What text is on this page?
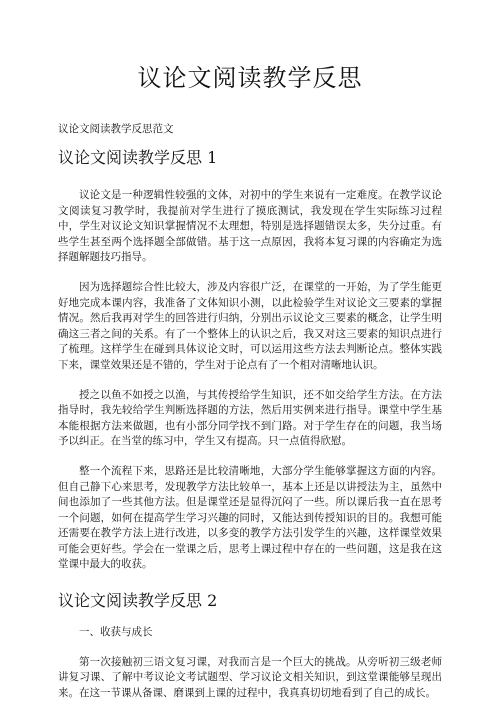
议论文阅读教学反思
议论文阅读教学反思范文
议论文阅读教学反思 1

议论文是一种逻辑性较强的文体，对初中的学生来说有一定难度。在教学议论文阅读复习教学时，我提前对学生进行了摸底测试，我发现在学生实际练习过程 中，学生对议论文知识掌握情况不太理想，特别是选择题错误太多，失分过重。有 些学生甚至两个选择题全部做错。基于这一点原因，我将本复习课的内容确定为选 择题解题技巧指导。

因为选择题综合性比较大，涉及内容很广泛，在课堂的一开始，为了学生能更好地完成本课内容，我准备了文体知识小测，以此检验学生对议论文三要素的掌握情况。然后我再对学生的回答进行归纳，分别出示议论文三要素的概念，让学生明确这三者之间的关系。有了一个整体上的认识之后，我又对这三要素的知识点进行了梳理。这样学生在碰到具体议论文时，可以运用这些方法去判断论点。整体实践下来，课堂效果还是不错的，学生对于论点有了一个相对清晰地认识。

授之以鱼不如授之以渔，与其传授给学生知识，还不如交给学生方法。在方法指导时，我先较给学生判断选择题的方法，然后用实例来进行指导。课堂中学生基本能根据方法来做题，也有小部分同学找不到门路。对于学生存在的问题，我当场予以纠正。在当堂的练习中，学生又有提高。只一点值得欣慰。

整一个流程下来，思路还是比较清晰地，大部分学生能够掌握这方面的内容。但自己静下心来思考，发现教学方法比较单一，基本上还是以讲授法为主，虽然中间也添加了一些其他方法。但是课堂还是显得沉闷了一些。所以课后我一直在思考一个问题，如何在提高学生学习兴趣的同时，又能达到传授知识的目的。我想可能还需要在教学方法上进行改进，以多变的教学方法引发学生的兴趣，这样课堂效果可能会更好些。学会在一堂课之后，思考上课过程中存在的一些问题，这是我在这堂课中最大的收获。

议论文阅读教学反思 2
一、收获与成长

第一次接触初三语文复习课，对我而言是一个巨大的挑战。从旁听初三级老师讲复习课、了解中考议论文考试题型、学习议论文相关知识，到这堂课能够呈现出来。在这一节课从备课、磨课到上课的过程中，我真真切切地看到了自己的成长。
